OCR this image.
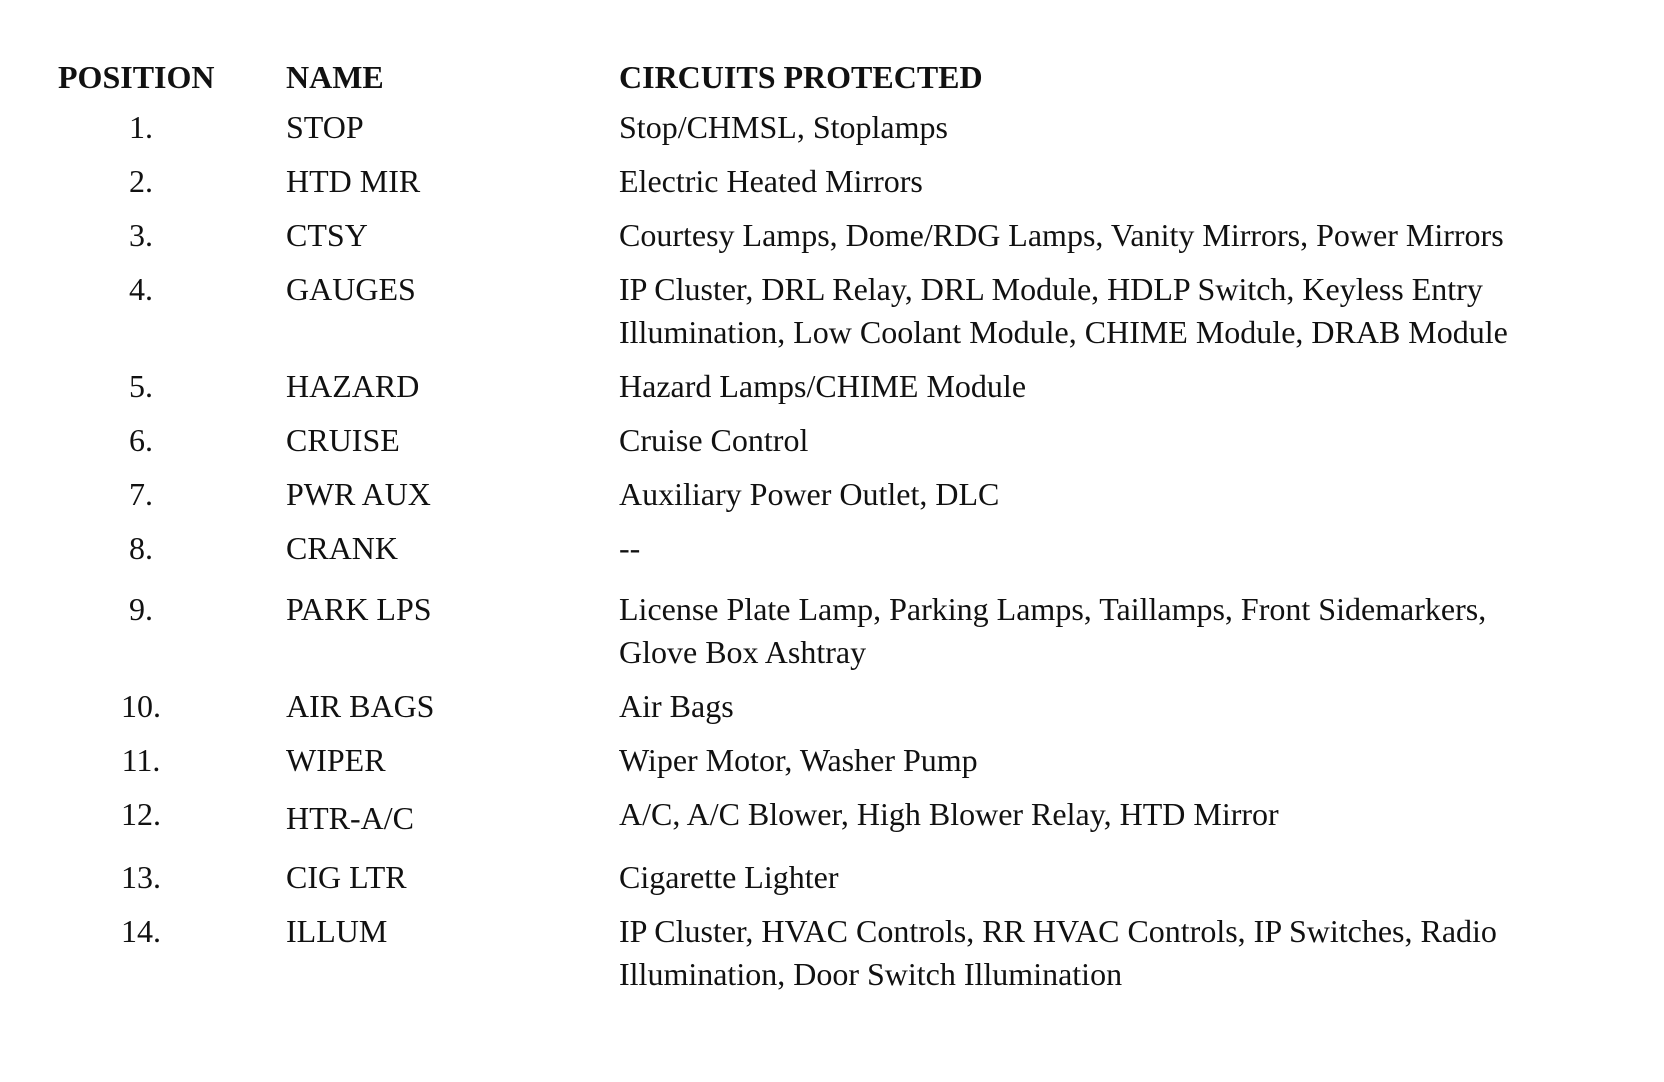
POSITION	NAME	CIRCUITS PROTECTED
1.	STOP	Stop/CHMSL, Stoplamps
2.	HTD MIR	Electric Heated Mirrors
3.	CTSY	Courtesy Lamps, Dome/RDG Lamps, Vanity Mirrors, Power Mirrors
4.	GAUGES	IP Cluster, DRL Relay, DRL Module, HDLP Switch, Keyless Entry
Illumination, Low Coolant Module, CHIME Module, DRAB Module
5.	HAZARD	Hazard Lamps/CHIME Module
6.	CRUISE	Cruise Control
7.	PWR AUX	Auxiliary Power Outlet, DLC
8.	CRANK	--
9.	PARK LPS	License Plate Lamp, Parking Lamps, Taillamps, Front Sidemarkers,
Glove Box Ashtray
10.	AIR BAGS	Air Bags
11.	WIPER	Wiper Motor, Washer Pump
12.	HTR-A/C	A/C, A/C Blower, High Blower Relay, HTD Mirror
13.	CIG LTR	Cigarette Lighter
14.	ILLUM	IP Cluster, HVAC Controls, RR HVAC Controls, IP Switches, Radio
Illumination, Door Switch Illumination
